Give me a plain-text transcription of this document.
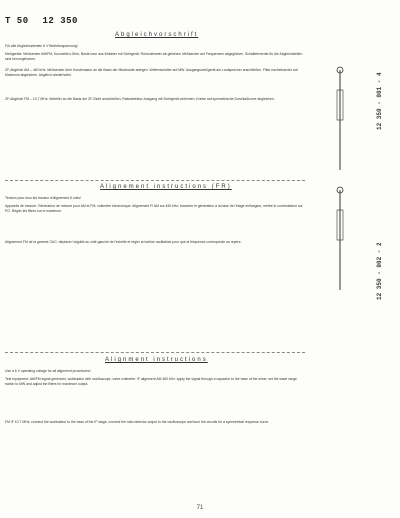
T 50 12 350
Abgleichvorschrift
Für alle Abgleicharbeiten 6 V Betriebsspannung!
Meßgeräte: Meßsender AM/FM, Kurzwellen-Ohm, Beste tone aus Wobbler mit Sichtgerät. Rohrvoltmeter ab gleichem Meßsender auf Frequenzen abgeglichen. Schaltelemente für die Abgleichstellen sind hervorgehoben.
ZF-Abgleich AM – 460 kHz: Meßsender über Kondensator an die Basis der Mischstufe anlegen. Wellenschalter auf MW. Ausgangsmeßgerät am Lautsprecher anschließen. Filter nacheinander auf Maximum abgleichen. Abgleich wiederholen.
ZF-Abgleich FM – 10,7 MHz: Wobbler an die Basis der ZF-Stufe anschließen, Ratiodetektor-Ausgang mit Sichtgerät verbinden. Kreise auf symmetrische Durchlaßkurve abgleichen.
Alignement instructions (FR)
Tension pour tous les travaux d'alignement 6 volts!
Appareils de mesure: Générateur de mesure pour AM et FM, voltmètre électronique. Alignement FI AM sur 460 kHz: brancher le générateur à la base de l'étage mélangeur, mettre le commutateur sur PO. Régler les filtres sur le maximum.
Alignement FM de la gamme OUC: déplacer l'aiguille au côté gauche de l'échelle et régler la bobine oscillatrice pour que la fréquence corresponde au repère.
Alignment instructions
Use a 6 V operating voltage for all alignment procedures!
Test equipment: AM/FM signal generator, wobbulator with oscilloscope, valve voltmeter. IF alignment AM 460 kHz: apply the signal through a capacitor to the base of the mixer, set the wave range switch to MW and adjust the filters for maximum output.
FM IF 10.7 MHz: connect the wobbulator to the base of the IF stage, connect the ratio detector output to the oscilloscope and tune the circuits for a symmetrical response curve.
12 350 - 001 - 4
12 350 - 002 - 2
71
